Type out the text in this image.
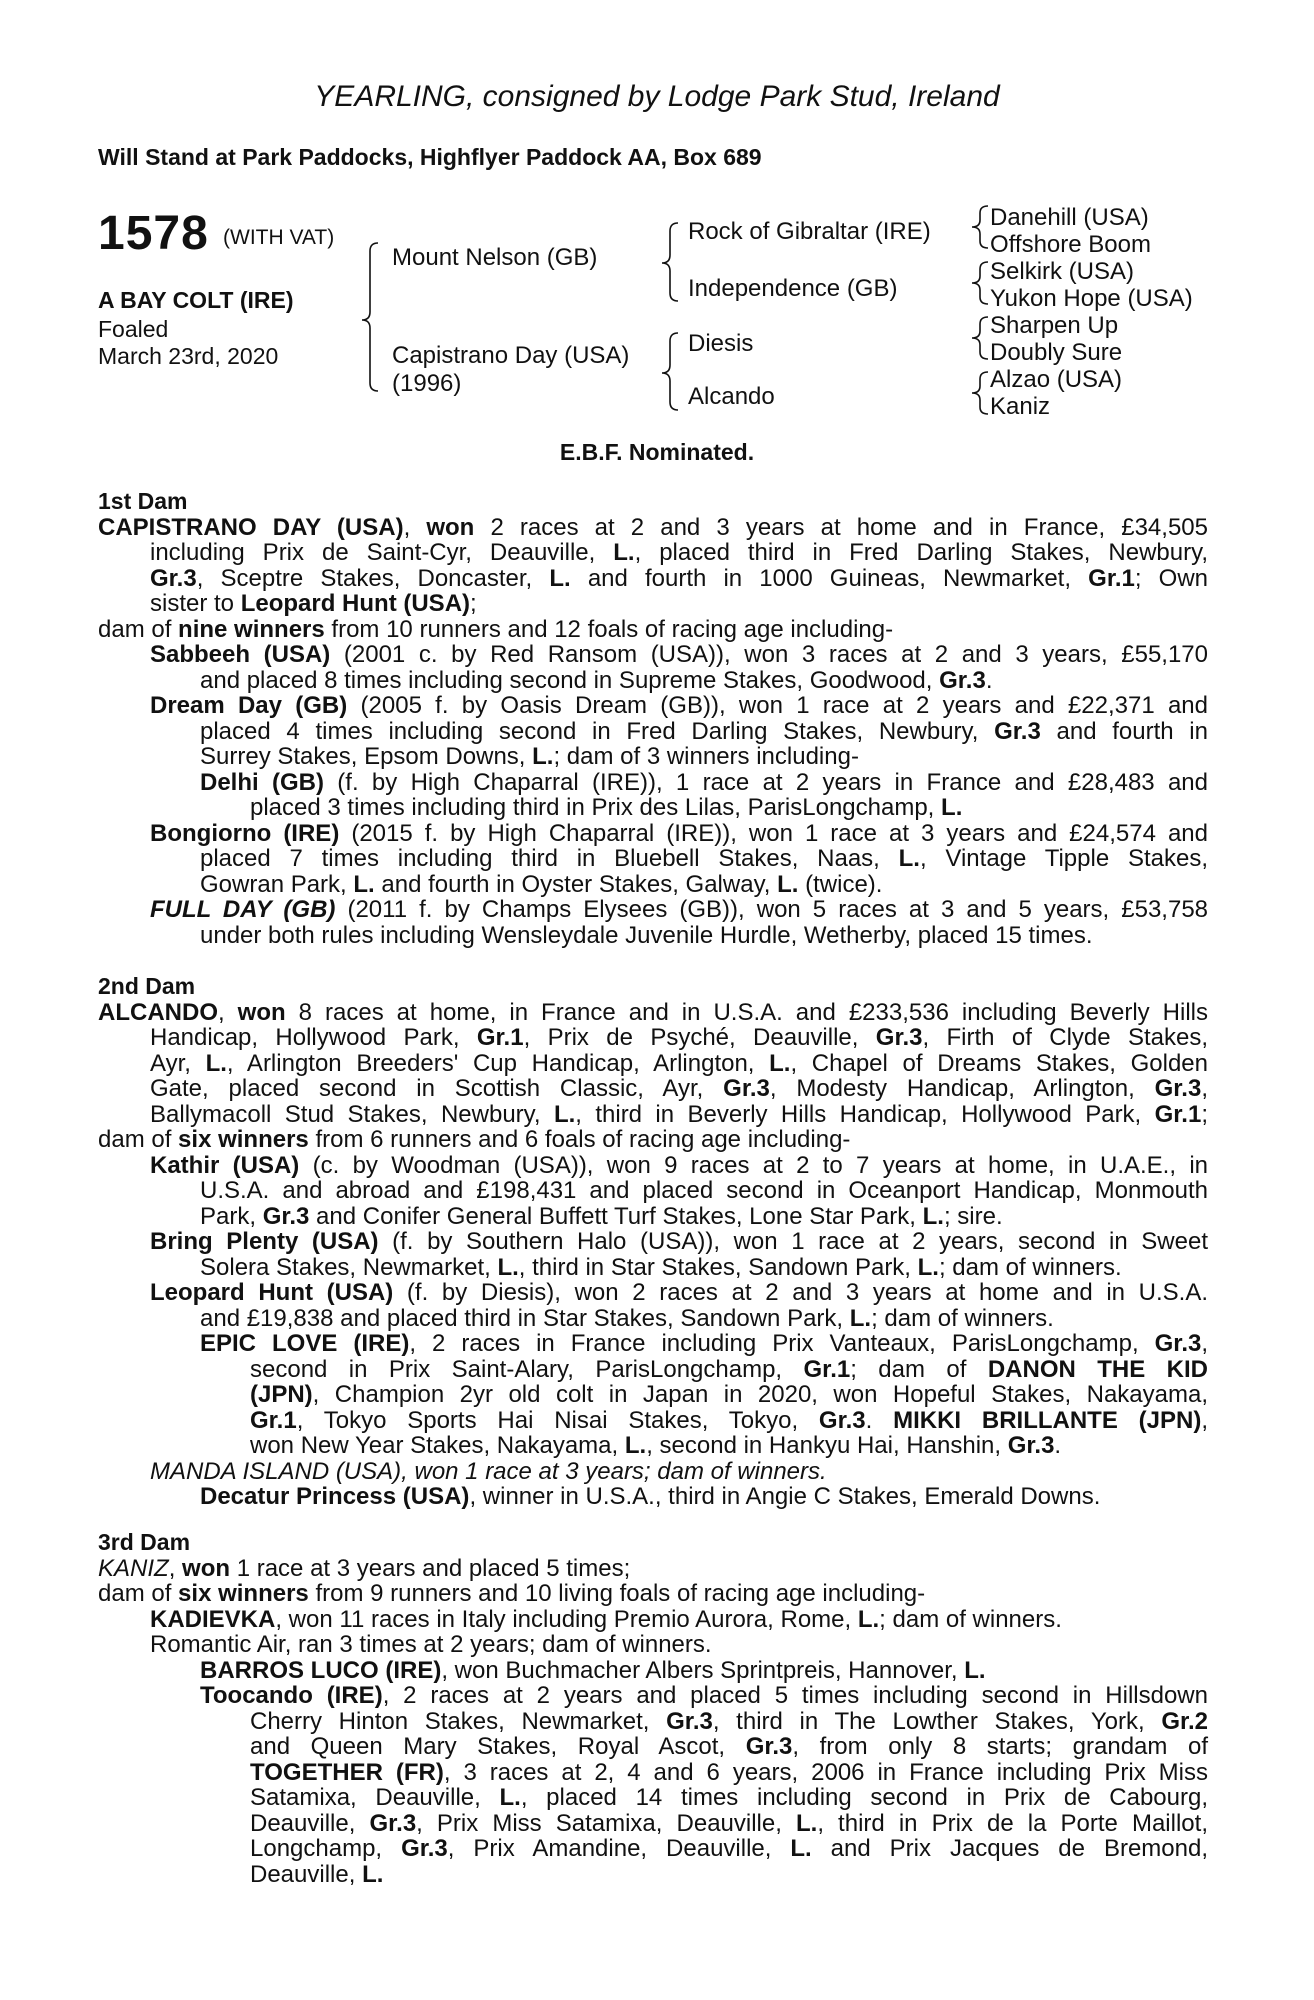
YEARLING, consigned by Lodge Park Stud, Ireland
Will Stand at Park Paddocks, Highflyer Paddock AA, Box 689
1578 (WITH VAT)
A BAY COLT (IRE)
Foaled
March 23rd, 2020
Mount Nelson (GB)
Capistrano Day (USA)
(1996)
Rock of Gibraltar (IRE)
Independence (GB)
Diesis
Alcando
Danehill (USA)
Offshore Boom
Selkirk (USA)
Yukon Hope (USA)
Sharpen Up
Doubly Sure
Alzao (USA)
Kaniz
E.B.F. Nominated.
1st Dam
CAPISTRANO DAY (USA), won 2 races at 2 and 3 years at home and in France, £34,505
including Prix de Saint-Cyr, Deauville, L., placed third in Fred Darling Stakes, Newbury,
Gr.3, Sceptre Stakes, Doncaster, L. and fourth in 1000 Guineas, Newmarket, Gr.1; Own
sister to Leopard Hunt (USA);
dam of nine winners from 10 runners and 12 foals of racing age including-
Sabbeeh (USA) (2001 c. by Red Ransom (USA)), won 3 races at 2 and 3 years, £55,170
and placed 8 times including second in Supreme Stakes, Goodwood, Gr.3.
Dream Day (GB) (2005 f. by Oasis Dream (GB)), won 1 race at 2 years and £22,371 and
placed 4 times including second in Fred Darling Stakes, Newbury, Gr.3 and fourth in
Surrey Stakes, Epsom Downs, L.; dam of 3 winners including-
Delhi (GB) (f. by High Chaparral (IRE)), 1 race at 2 years in France and £28,483 and
placed 3 times including third in Prix des Lilas, ParisLongchamp, L.
Bongiorno (IRE) (2015 f. by High Chaparral (IRE)), won 1 race at 3 years and £24,574 and
placed 7 times including third in Bluebell Stakes, Naas, L., Vintage Tipple Stakes,
Gowran Park, L. and fourth in Oyster Stakes, Galway, L. (twice).
FULL DAY (GB) (2011 f. by Champs Elysees (GB)), won 5 races at 3 and 5 years, £53,758
under both rules including Wensleydale Juvenile Hurdle, Wetherby, placed 15 times.
2nd Dam
ALCANDO, won 8 races at home, in France and in U.S.A. and £233,536 including Beverly Hills
Handicap, Hollywood Park, Gr.1, Prix de Psyché, Deauville, Gr.3, Firth of Clyde Stakes,
Ayr, L., Arlington Breeders' Cup Handicap, Arlington, L., Chapel of Dreams Stakes, Golden
Gate, placed second in Scottish Classic, Ayr, Gr.3, Modesty Handicap, Arlington, Gr.3,
Ballymacoll Stud Stakes, Newbury, L., third in Beverly Hills Handicap, Hollywood Park, Gr.1;
dam of six winners from 6 runners and 6 foals of racing age including-
Kathir (USA) (c. by Woodman (USA)), won 9 races at 2 to 7 years at home, in U.A.E., in
U.S.A. and abroad and £198,431 and placed second in Oceanport Handicap, Monmouth
Park, Gr.3 and Conifer General Buffett Turf Stakes, Lone Star Park, L.; sire.
Bring Plenty (USA) (f. by Southern Halo (USA)), won 1 race at 2 years, second in Sweet
Solera Stakes, Newmarket, L., third in Star Stakes, Sandown Park, L.; dam of winners.
Leopard Hunt (USA) (f. by Diesis), won 2 races at 2 and 3 years at home and in U.S.A.
and £19,838 and placed third in Star Stakes, Sandown Park, L.; dam of winners.
EPIC LOVE (IRE), 2 races in France including Prix Vanteaux, ParisLongchamp, Gr.3,
second in Prix Saint-Alary, ParisLongchamp, Gr.1; dam of DANON THE KID
(JPN), Champion 2yr old colt in Japan in 2020, won Hopeful Stakes, Nakayama,
Gr.1, Tokyo Sports Hai Nisai Stakes, Tokyo, Gr.3. MIKKI BRILLANTE (JPN),
won New Year Stakes, Nakayama, L., second in Hankyu Hai, Hanshin, Gr.3.
MANDA ISLAND (USA), won 1 race at 3 years; dam of winners.
Decatur Princess (USA), winner in U.S.A., third in Angie C Stakes, Emerald Downs.
3rd Dam
KANIZ, won 1 race at 3 years and placed 5 times;
dam of six winners from 9 runners and 10 living foals of racing age including-
KADIEVKA, won 11 races in Italy including Premio Aurora, Rome, L.; dam of winners.
Romantic Air, ran 3 times at 2 years; dam of winners.
BARROS LUCO (IRE), won Buchmacher Albers Sprintpreis, Hannover, L.
Toocando (IRE), 2 races at 2 years and placed 5 times including second in Hillsdown
Cherry Hinton Stakes, Newmarket, Gr.3, third in The Lowther Stakes, York, Gr.2
and Queen Mary Stakes, Royal Ascot, Gr.3, from only 8 starts; grandam of
TOGETHER (FR), 3 races at 2, 4 and 6 years, 2006 in France including Prix Miss
Satamixa, Deauville, L., placed 14 times including second in Prix de Cabourg,
Deauville, Gr.3, Prix Miss Satamixa, Deauville, L., third in Prix de la Porte Maillot,
Longchamp, Gr.3, Prix Amandine, Deauville, L. and Prix Jacques de Bremond,
Deauville, L.
